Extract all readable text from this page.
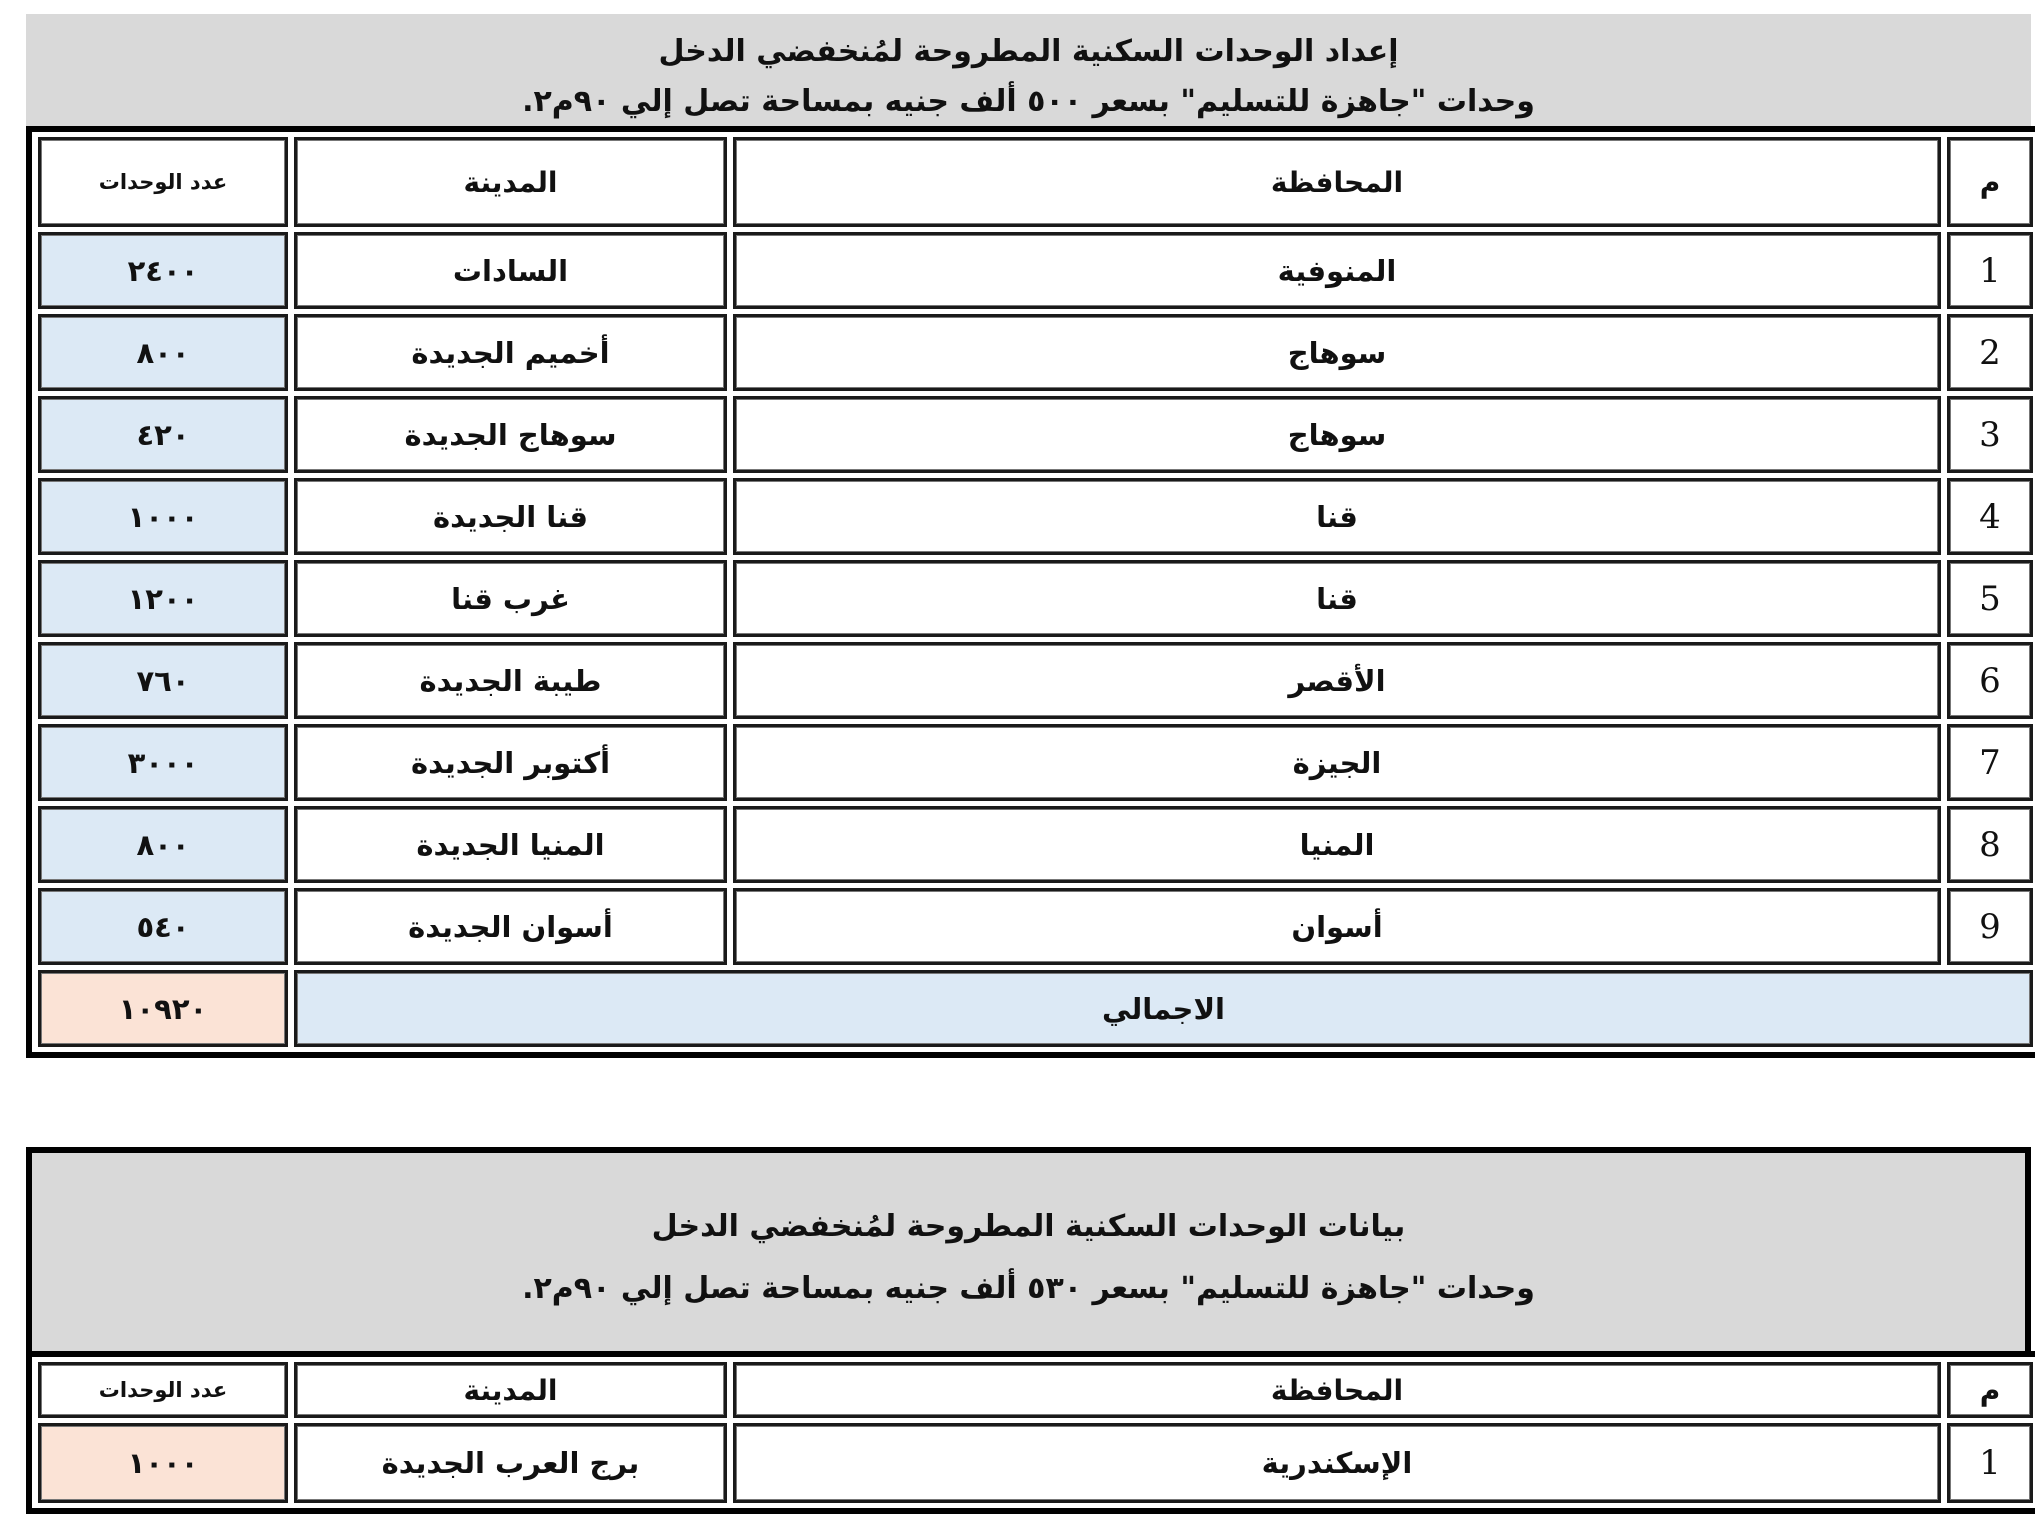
إعداد الوحدات السكنية المطروحة لمُنخفضي الدخل
وحدات "جاهزة للتسليم" بسعر ٥٠٠ ألف جنيه بمساحة تصل إلي ٩٠م٢.
م	المحافظة	المدينة	عدد الوحدات
1	المنوفية	السادات	٢٤٠٠
2	سوهاج	أخميم الجديدة	٨٠٠
3	سوهاج	سوهاج الجديدة	٤٢٠
4	قنا	قنا الجديدة	١٠٠٠
5	قنا	غرب قنا	١٢٠٠
6	الأقصر	طيبة الجديدة	٧٦٠
7	الجيزة	أكتوبر الجديدة	٣٠٠٠
8	المنيا	المنيا الجديدة	٨٠٠
9	أسوان	أسوان الجديدة	٥٤٠
الاجمالي			١٠٩٢٠
بيانات الوحدات السكنية المطروحة لمُنخفضي الدخل
وحدات "جاهزة للتسليم" بسعر ٥٣٠ ألف جنيه بمساحة تصل إلي ٩٠م٢.
م	المحافظة	المدينة	عدد الوحدات
1	الإسكندرية	برج العرب الجديدة	١٠٠٠
